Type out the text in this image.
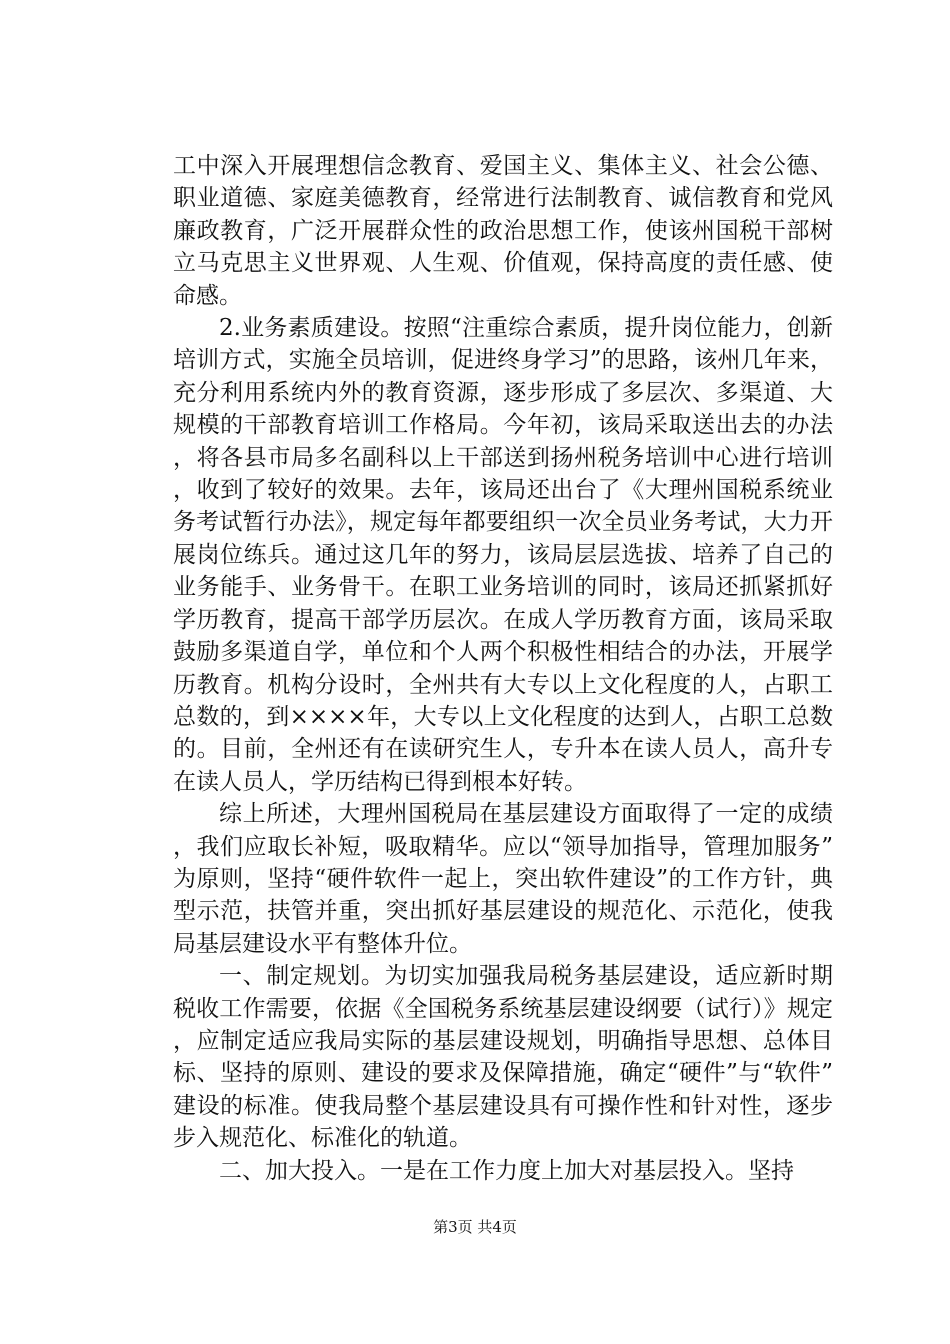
工中深入开展理想信念教育、爱国主义、集体主义、社会公德、职业道德、家庭美德教育，经常进行法制教育、诚信教育和党风廉政教育，广泛开展群众性的政治思想工作，使该州国税干部树立马克思主义世界观、人生观、价值观，保持高度的责任感、使命感。

2.业务素质建设。按照“注重综合素质，提升岗位能力，创新培训方式，实施全员培训，促进终身学习”的思路，该州几年来，充分利用系统内外的教育资源，逐步形成了多层次、多渠道、大规模的干部教育培训工作格局。今年初，该局采取送出去的办法，将各县市局多名副科以上干部送到扬州税务培训中心进行培训，收到了较好的效果。去年，该局还出台了《大理州国税系统业务考试暂行办法》，规定每年都要组织一次全员业务考试，大力开展岗位练兵。通过这几年的努力，该局层层选拔、培养了自己的业务能手、业务骨干。在职工业务培训的同时，该局还抓紧抓好学历教育，提高干部学历层次。在成人学历教育方面，该局采取鼓励多渠道自学，单位和个人两个积极性相结合的办法，开展学历教育。机构分设时，全州共有大专以上文化程度的人，占职工总数的，到××××年，大专以上文化程度的达到人，占职工总数的。目前，全州还有在读研究生人，专升本在读人员人，高升专在读人员人，学历结构已得到根本好转。

综上所述，大理州国税局在基层建设方面取得了一定的成绩，我们应取长补短，吸取精华。应以“领导加指导，管理加服务”为原则，坚持“硬件软件一起上，突出软件建设”的工作方针，典型示范，扶管并重，突出抓好基层建设的规范化、示范化，使我局基层建设水平有整体升位。

一、制定规划。为切实加强我局税务基层建设，适应新时期税收工作需要，依据《全国税务系统基层建设纲要（试行）》规定，应制定适应我局实际的基层建设规划，明确指导思想、总体目标、坚持的原则、建设的要求及保障措施，确定“硬件”与“软件”建设的标准。使我局整个基层建设具有可操作性和针对性，逐步步入规范化、标准化的轨道。

二、加大投入。一是在工作力度上加大对基层投入。坚持

第3页 共4页
